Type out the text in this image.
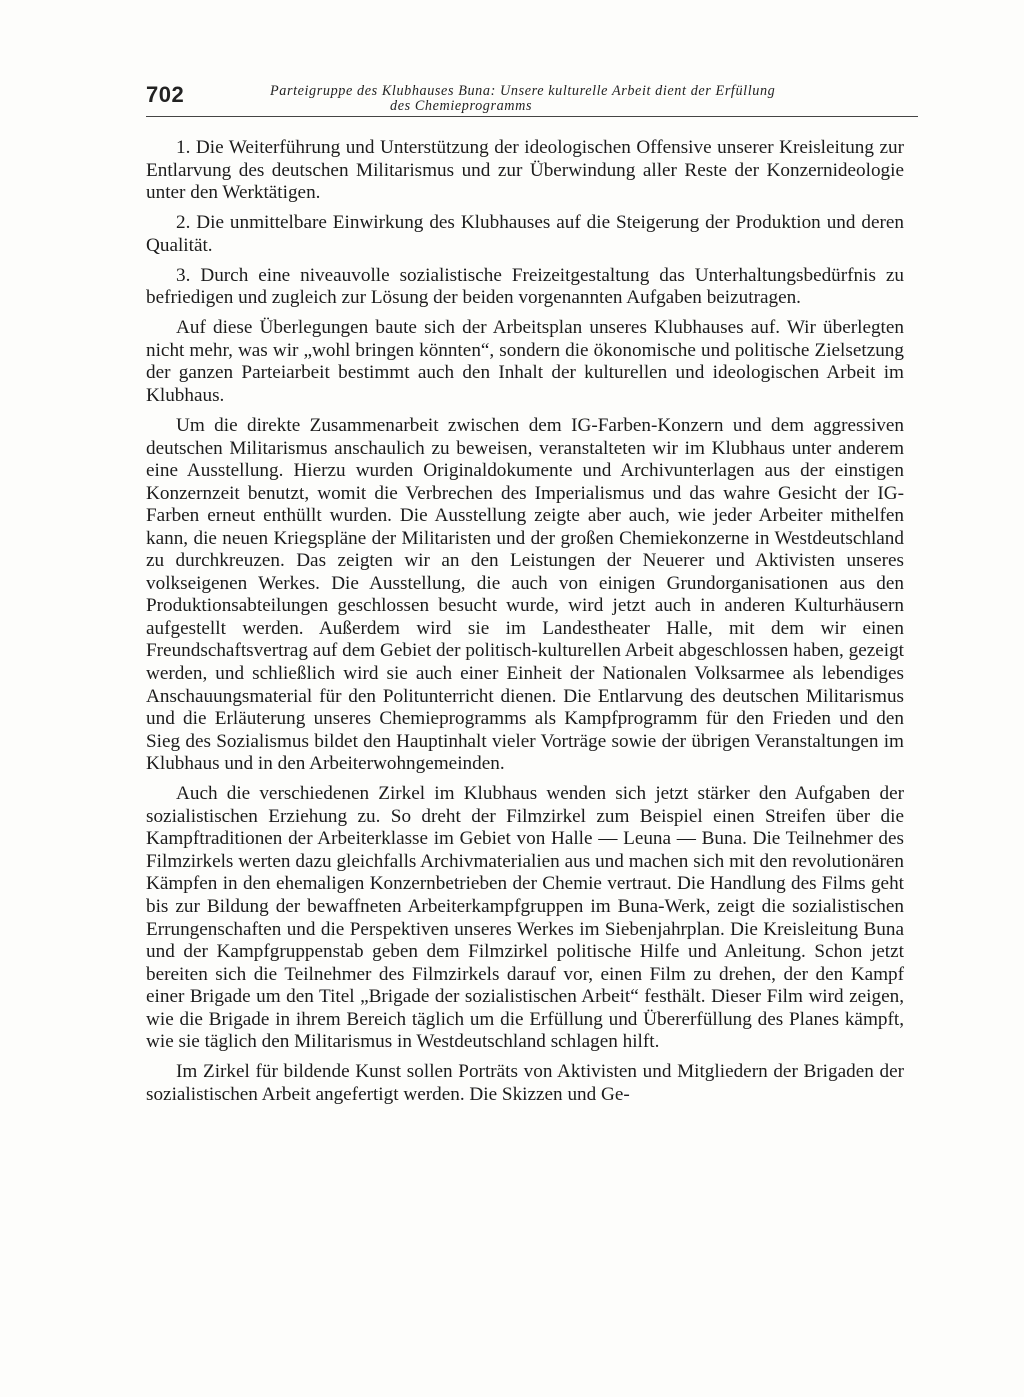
702	Parteigruppe des Klubhauses Buna: Unsere kulturelle Arbeit dient der Erfüllung
des Chemieprogramms

1. Die Weiterführung und Unterstützung der ideologischen Offensive unserer Kreisleitung zur Entlarvung des deutschen Militarismus und zur Überwindung aller Reste der Konzernideologie unter den Werktätigen.

2. Die unmittelbare Einwirkung des Klubhauses auf die Steigerung der Produktion und deren Qualität.

3. Durch eine niveauvolle sozialistische Freizeitgestaltung das Unterhaltungsbedürfnis zu befriedigen und zugleich zur Lösung der beiden vorgenannten Aufgaben beizutragen.

Auf diese Überlegungen baute sich der Arbeitsplan unseres Klubhauses auf. Wir überlegten nicht mehr, was wir „wohl bringen könnten“, sondern die ökonomische und politische Zielsetzung der ganzen Parteiarbeit bestimmt auch den Inhalt der kulturellen und ideologischen Arbeit im Klubhaus.

Um die direkte Zusammenarbeit zwischen dem IG-Farben-Konzern und dem aggressiven deutschen Militarismus anschaulich zu beweisen, veranstalteten wir im Klubhaus unter anderem eine Ausstellung. Hierzu wurden Originaldokumente und Archivunterlagen aus der einstigen Konzernzeit benutzt, womit die Verbrechen des Imperialismus und das wahre Gesicht der IG-Farben erneut enthüllt wurden. Die Ausstellung zeigte aber auch, wie jeder Arbeiter mithelfen kann, die neuen Kriegspläne der Militaristen und der großen Chemiekonzerne in Westdeutschland zu durchkreuzen. Das zeigten wir an den Leistungen der Neuerer und Aktivisten unseres volkseigenen Werkes. Die Ausstellung, die auch von einigen Grundorganisationen aus den Produktionsabteilungen geschlossen besucht wurde, wird jetzt auch in anderen Kulturhäusern aufgestellt werden. Außerdem wird sie im Landestheater Halle, mit dem wir einen Freundschaftsvertrag auf dem Gebiet der politisch-kulturellen Arbeit abgeschlossen haben, gezeigt werden, und schließlich wird sie auch einer Einheit der Nationalen Volksarmee als lebendiges Anschauungsmaterial für den Politunterricht dienen. Die Entlarvung des deutschen Militarismus und die Erläuterung unseres Chemieprogramms als Kampfprogramm für den Frieden und den Sieg des Sozialismus bildet den Hauptinhalt vieler Vorträge sowie der übrigen Veranstaltungen im Klubhaus und in den Arbeiterwohngemeinden.

Auch die verschiedenen Zirkel im Klubhaus wenden sich jetzt stärker den Aufgaben der sozialistischen Erziehung zu. So dreht der Filmzirkel zum Beispiel einen Streifen über die Kampftraditionen der Arbeiterklasse im Gebiet von Halle — Leuna — Buna. Die Teilnehmer des Filmzirkels werten dazu gleichfalls Archivmaterialien aus und machen sich mit den revolutionären Kämpfen in den ehemaligen Konzernbetrieben der Chemie vertraut. Die Handlung des Films geht bis zur Bildung der bewaffneten Arbeiterkampfgruppen im Buna-Werk, zeigt die sozialistischen Errungenschaften und die Perspektiven unseres Werkes im Siebenjahrplan. Die Kreisleitung Buna und der Kampfgruppenstab geben dem Filmzirkel politische Hilfe und Anleitung. Schon jetzt bereiten sich die Teilnehmer des Filmzirkels darauf vor, einen Film zu drehen, der den Kampf einer Brigade um den Titel „Brigade der sozialistischen Arbeit“ festhält. Dieser Film wird zeigen, wie die Brigade in ihrem Bereich täglich um die Erfüllung und Übererfüllung des Planes kämpft, wie sie täglich den Militarismus in Westdeutschland schlagen hilft.

Im Zirkel für bildende Kunst sollen Porträts von Aktivisten und Mitgliedern der Brigaden der sozialistischen Arbeit angefertigt werden. Die Skizzen und Ge-
